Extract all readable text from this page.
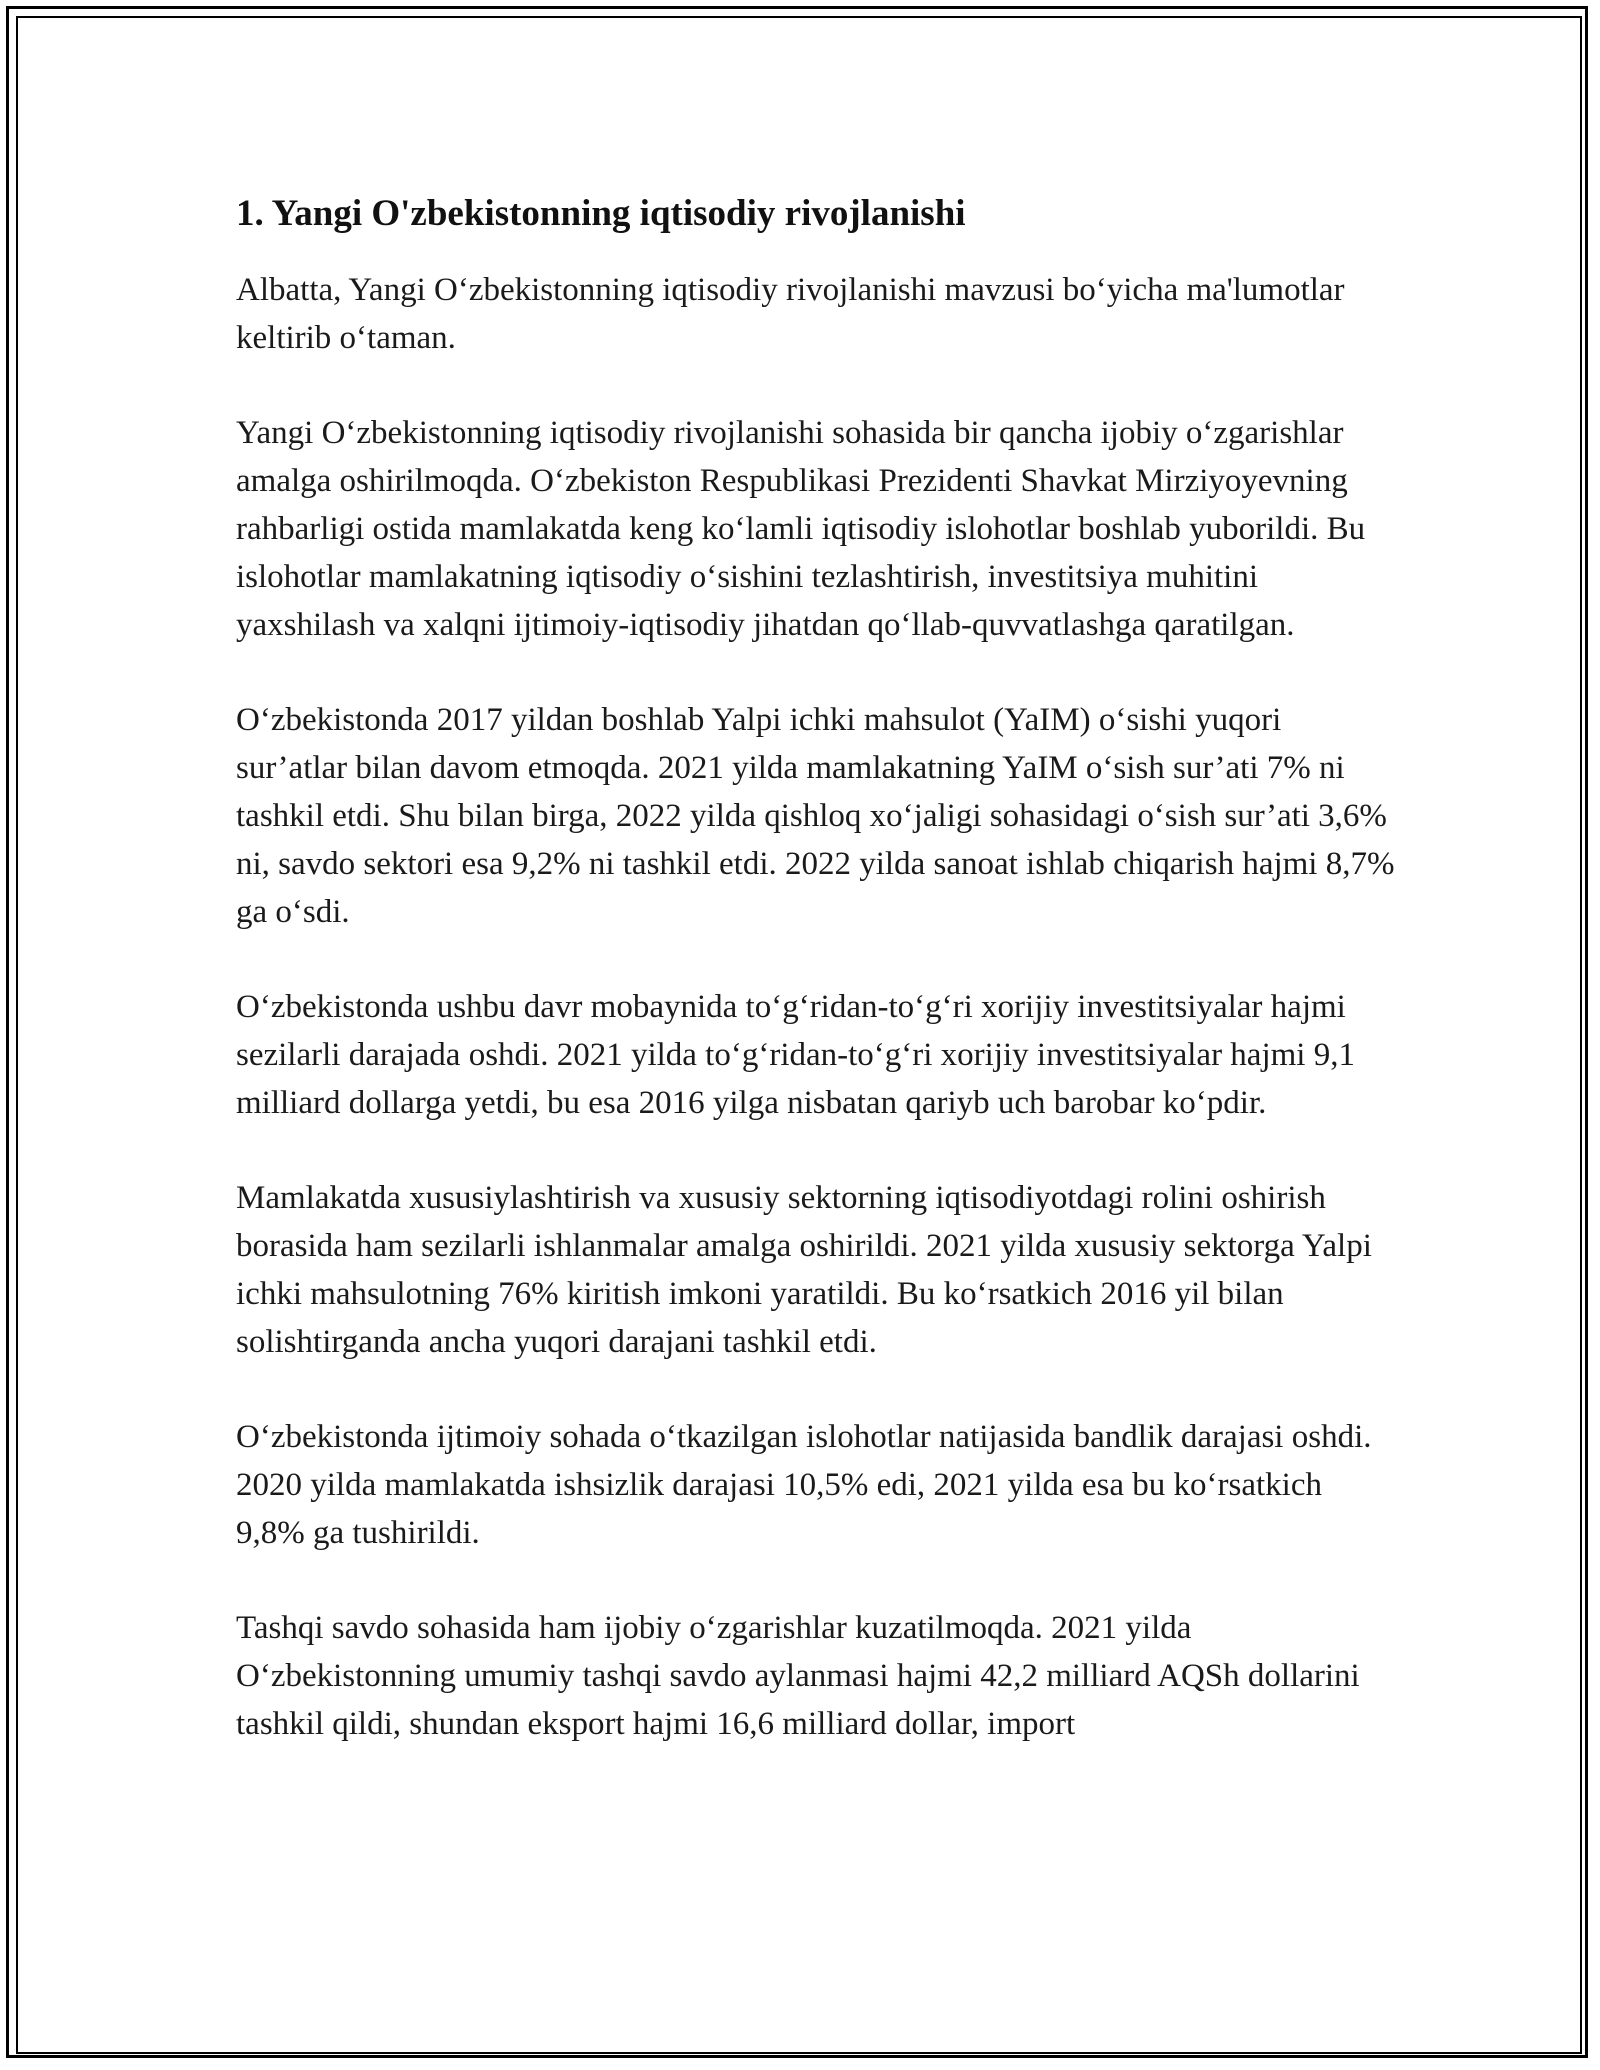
1. Yangi O'zbekistonning iqtisodiy rivojlanishi

Albatta, Yangi O‘zbekistonning iqtisodiy rivojlanishi mavzusi bo‘yicha ma'lumotlar keltirib o‘taman.

Yangi O‘zbekistonning iqtisodiy rivojlanishi sohasida bir qancha ijobiy o‘zgarishlar amalga oshirilmoqda. O‘zbekiston Respublikasi Prezidenti Shavkat Mirziyoyevning rahbarligi ostida mamlakatda keng ko‘lamli iqtisodiy islohotlar boshlab yuborildi. Bu islohotlar mamlakatning iqtisodiy o‘sishini tezlashtirish, investitsiya muhitini yaxshilash va xalqni ijtimoiy-iqtisodiy jihatdan qo‘llab-quvvatlashga qaratilgan.

O‘zbekistonda 2017 yildan boshlab Yalpi ichki mahsulot (YaIM) o‘sishi yuqori sur’atlar bilan davom etmoqda. 2021 yilda mamlakatning YaIM o‘sish sur’ati 7% ni tashkil etdi. Shu bilan birga, 2022 yilda qishloq xo‘jaligi sohasidagi o‘sish sur’ati 3,6% ni, savdo sektori esa 9,2% ni tashkil etdi. 2022 yilda sanoat ishlab chiqarish hajmi 8,7% ga o‘sdi.

O‘zbekistonda ushbu davr mobaynida to‘g‘ridan-to‘g‘ri xorijiy investitsiyalar hajmi sezilarli darajada oshdi. 2021 yilda to‘g‘ridan-to‘g‘ri xorijiy investitsiyalar hajmi 9,1 milliard dollarga yetdi, bu esa 2016 yilga nisbatan qariyb uch barobar ko‘pdir.

Mamlakatda xususiylashtirish va xususiy sektorning iqtisodiyotdagi rolini oshirish borasida ham sezilarli ishlanmalar amalga oshirildi. 2021 yilda xususiy sektorga Yalpi ichki mahsulotning 76% kiritish imkoni yaratildi. Bu ko‘rsatkich 2016 yil bilan solishtirganda ancha yuqori darajani tashkil etdi.

O‘zbekistonda ijtimoiy sohada o‘tkazilgan islohotlar natijasida bandlik darajasi oshdi. 2020 yilda mamlakatda ishsizlik darajasi 10,5% edi, 2021 yilda esa bu ko‘rsatkich 9,8% ga tushirildi.

Tashqi savdo sohasida ham ijobiy o‘zgarishlar kuzatilmoqda. 2021 yilda O‘zbekistonning umumiy tashqi savdo aylanmasi hajmi 42,2 milliard AQSh dollarini tashkil qildi, shundan eksport hajmi 16,6 milliard dollar, import
